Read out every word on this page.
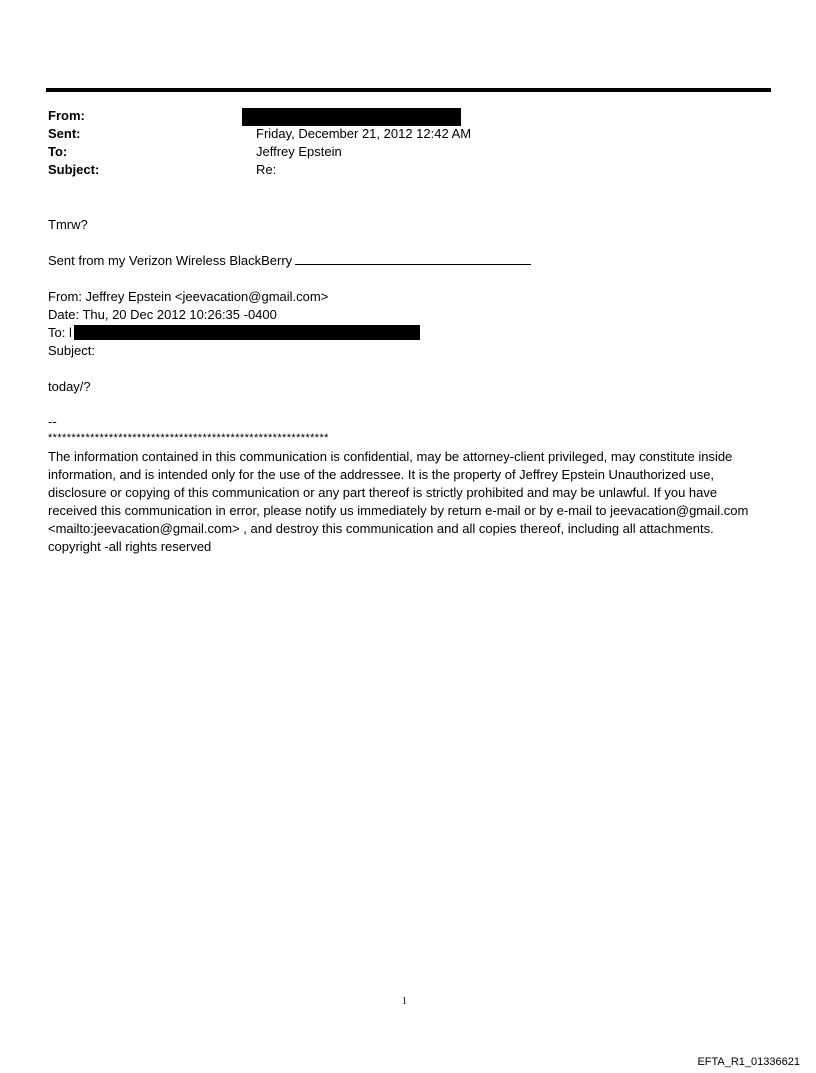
From:
Sent:	Friday, December 21, 2012 12:42 AM
To:	Jeffrey Epstein
Subject:	Re:
Tmrw?
Sent from my Verizon Wireless BlackBerry
From: Jeffrey Epstein <jeevacation@gmail.com>
Date: Thu, 20 Dec 2012 10:26:35 -0400
To: l
Subject:
today/?
--
************************************************************
The information contained in this communication is confidential, may be attorney-client privileged, may constitute inside information, and is intended only for the use of the addressee. It is the property of Jeffrey Epstein Unauthorized use, disclosure or copying of this communication or any part thereof is strictly prohibited and may be unlawful. If you have received this communication in error, please notify us immediately by return e-mail or by e-mail to jeevacation@gmail.com <mailto:jeevacation@gmail.com> , and destroy this communication and all copies thereof, including all attachments. copyright -all rights reserved
1
EFTA_R1_01336621
